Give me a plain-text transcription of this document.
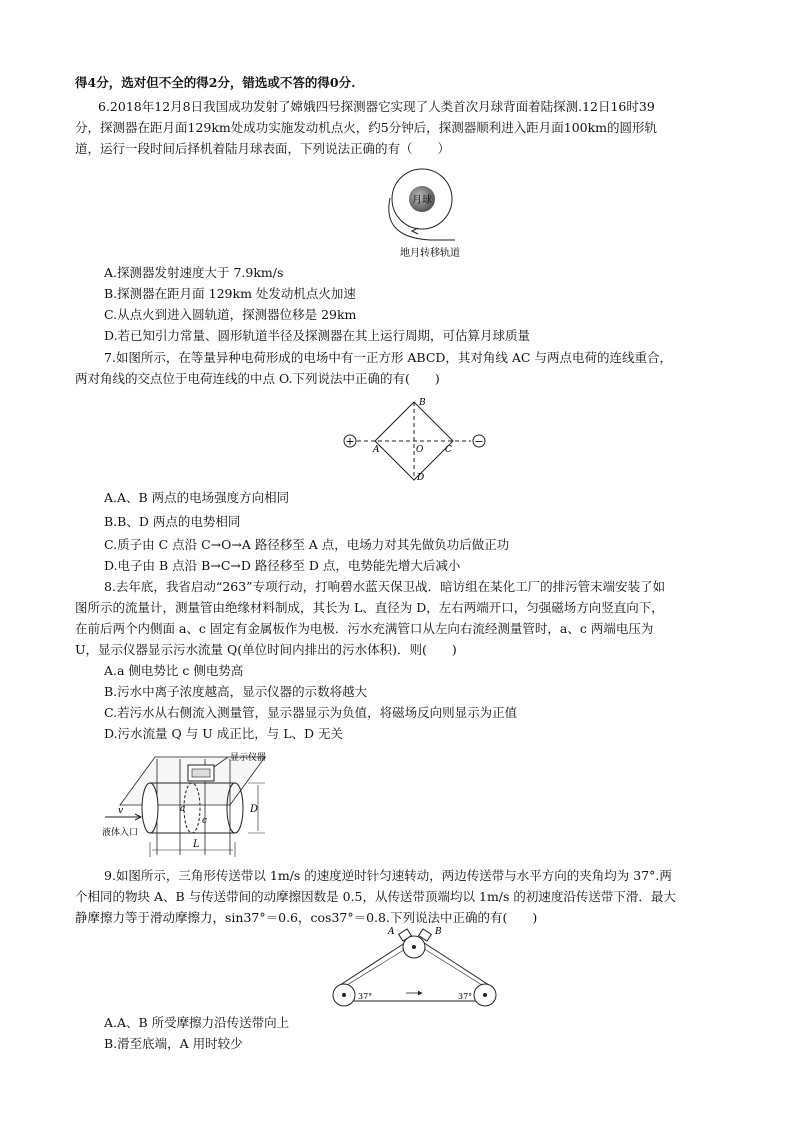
得4分，选对但不全的得2分，错选或不答的得0分.
6.2018年12月8日我国成功发射了嫦娥四号探测器它实现了人类首次月球背面着陆探测.12日16时39
分，探测器在距月面129km处成功实施发动机点火，约5分钟后，探测器顺利进入距月面100km的圆形轨
道，运行一段时间后择机着陆月球表面，下列说法正确的有（　　）
月球
地月转移轨道
A.探测器发射速度大于 7.9km/s
B.探测器在距月面 129km 处发动机点火加速
C.从点火到进入圆轨道，探测器位移是 29km
D.若已知引力常量、圆形轨道半径及探测器在其上运行周期，可估算月球质量
7.如图所示，在等量异种电荷形成的电场中有一正方形 ABCD，其对角线 AC 与两点电荷的连线重合，
两对角线的交点位于电荷连线的中点 O.下列说法中正确的有(　　)
+	−
B
A	C
O
D
A.A、B 两点的电场强度方向相同
B.B、D 两点的电势相同
C.质子由 C 点沿 C→O→A 路径移至 A 点，电场力对其先做负功后做正功
D.电子由 B 点沿 B→C→D 路径移至 D 点，电势能先增大后减小
8.去年底，我省启动“263”专项行动，打响碧水蓝天保卫战．暗访组在某化工厂的排污管末端安装了如
图所示的流量计，测量管由绝缘材料制成，其长为 L、直径为 D，左右两端开口，匀强磁场方向竖直向下，
在前后两个内侧面 a、c 固定有金属板作为电极．污水充满管口从左向右流经测量管时，a、c 两端电压为
U，显示仪器显示污水流量 Q(单位时间内排出的污水体积)．则(　　)
A.a 侧电势比 c 侧电势高
B.污水中离子浓度越高，显示仪器的示数将越大
C.若污水从右侧流入测量管，显示器显示为负值，将磁场反向则显示为正值
D.污水流量 Q 与 U 成正比，与 L、D 无关
显示仪器
a
c
v
液体入口
D
L
9.如图所示，三角形传送带以 1m/s 的速度逆时针匀速转动，两边传送带与水平方向的夹角均为 37°.两
个相同的物块 A、B 与传送带间的动摩擦因数是 0.5，从传送带顶端均以 1m/s 的初速度沿传送带下滑．最大
静摩擦力等于滑动摩擦力，sin37°＝0.6，cos37°＝0.8.下列说法中正确的有(　　)
A	B
37°	37°
A.A、B 所受摩擦力沿传送带向上
B.滑至底端，A 用时较少
